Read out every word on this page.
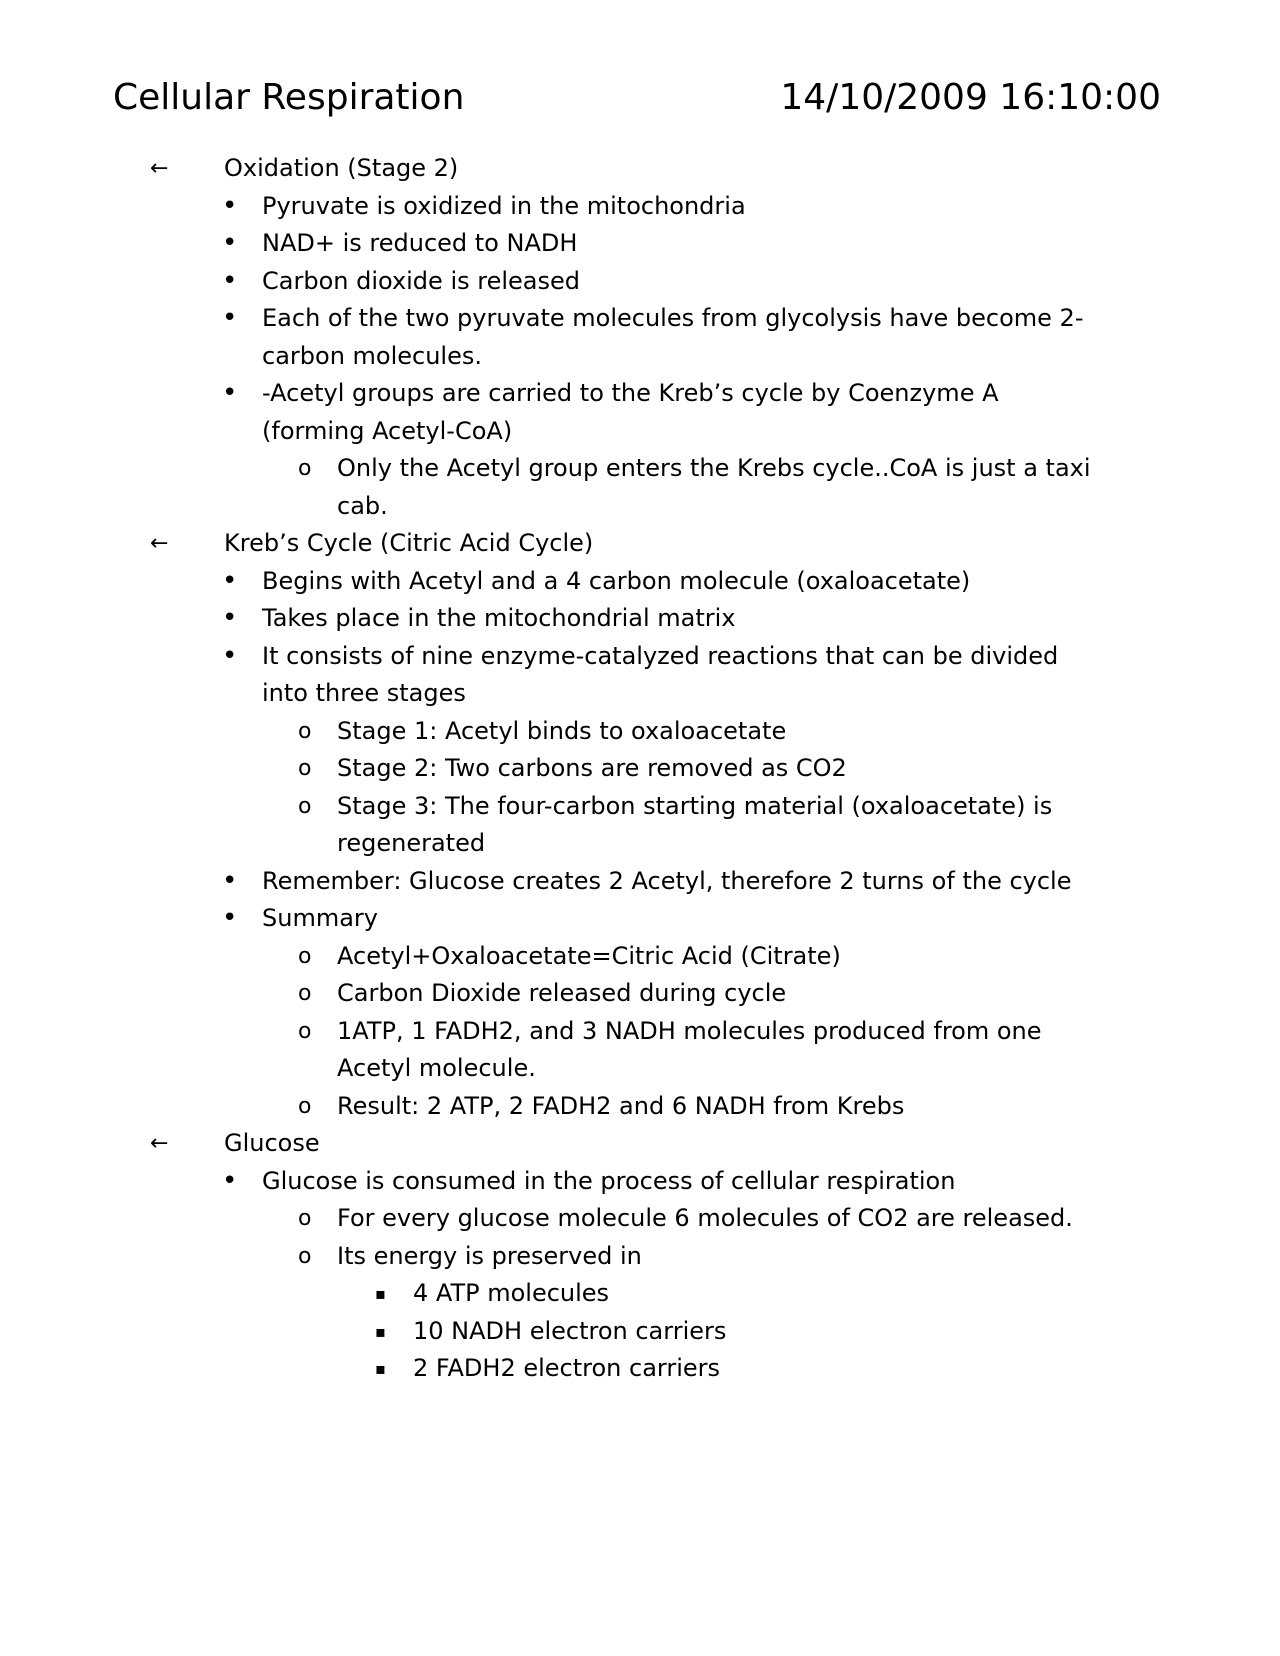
Cellular Respiration	14/10/2009 16:10:00
← Oxidation (Stage 2)
• Pyruvate is oxidized in the mitochondria
• NAD+ is reduced to NADH
• Carbon dioxide is released
• Each of the two pyruvate molecules from glycolysis have become 2-
carbon molecules.
• -Acetyl groups are carried to the Kreb’s cycle by Coenzyme A
(forming Acetyl-CoA)
o Only the Acetyl group enters the Krebs cycle..CoA is just a taxi
cab.
← Kreb’s Cycle (Citric Acid Cycle)
• Begins with Acetyl and a 4 carbon molecule (oxaloacetate)
• Takes place in the mitochondrial matrix
• It consists of nine enzyme-catalyzed reactions that can be divided
into three stages
o Stage 1: Acetyl binds to oxaloacetate
o Stage 2: Two carbons are removed as CO2
o Stage 3: The four-carbon starting material (oxaloacetate) is
regenerated
• Remember: Glucose creates 2 Acetyl, therefore 2 turns of the cycle
• Summary
o Acetyl+Oxaloacetate=Citric Acid (Citrate)
o Carbon Dioxide released during cycle
o 1ATP, 1 FADH2, and 3 NADH molecules produced from one
Acetyl molecule.
o Result: 2 ATP, 2 FADH2 and 6 NADH from Krebs
← Glucose
• Glucose is consumed in the process of cellular respiration
o For every glucose molecule 6 molecules of CO2 are released.
o Its energy is preserved in
▪ 4 ATP molecules
▪ 10 NADH electron carriers
▪ 2 FADH2 electron carriers
